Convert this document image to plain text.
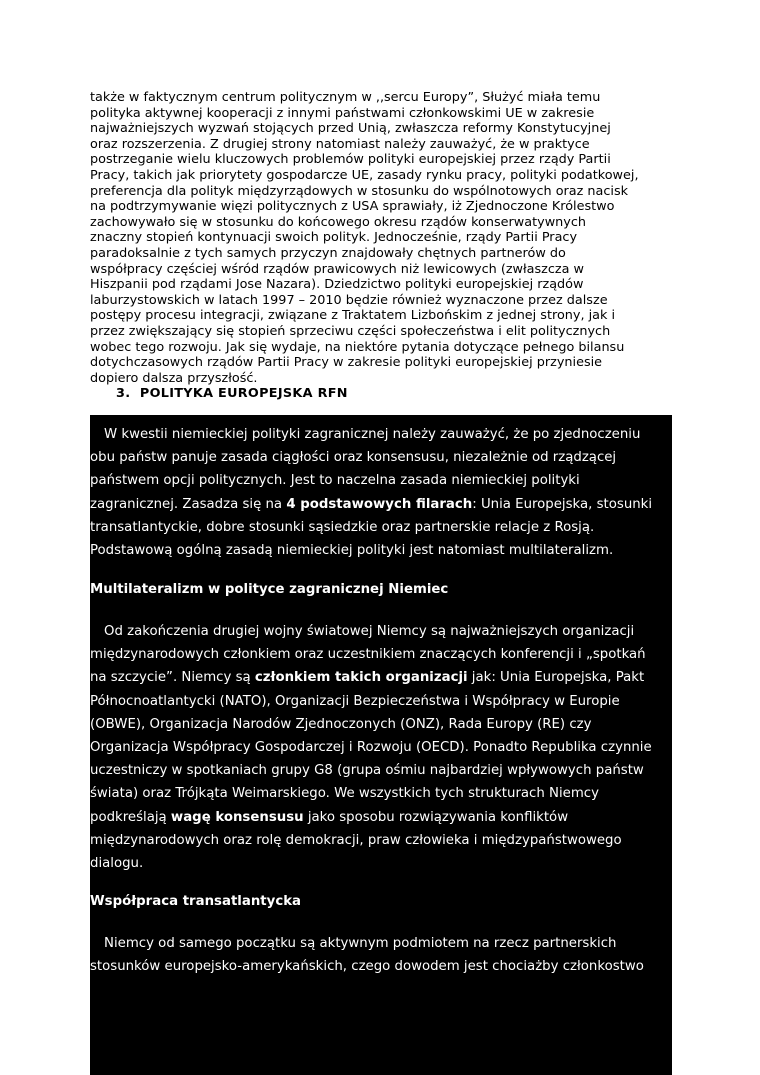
także w faktycznym centrum politycznym w ,,sercu Europy”, Służyć miała temu

polityka aktywnej kooperacji z innymi państwami członkowskimi UE w zakresie

najważniejszych wyzwań stojących przed Unią, zwłaszcza reformy Konstytucyjnej

oraz rozszerzenia. Z drugiej strony natomiast należy zauważyć, że w praktyce

postrzeganie wielu kluczowych problemów polityki europejskiej przez rządy Partii

Pracy, takich jak priorytety gospodarcze UE, zasady rynku pracy, polityki podatkowej,

preferencja dla polityk międzyrządowych w stosunku do wspólnotowych oraz nacisk

na podtrzymywanie więzi politycznych z USA sprawiały, iż Zjednoczone Królestwo

zachowywało się w stosunku do końcowego okresu rządów konserwatywnych

znaczny stopień kontynuacji swoich polityk. Jednocześnie, rządy Partii Pracy

paradoksalnie z tych samych przyczyn znajdowały chętnych partnerów do

współpracy częściej wśród rządów prawicowych niż lewicowych (zwłaszcza w

Hiszpanii pod rządami Jose Nazara). Dziedzictwo polityki europejskiej rządów

laburzystowskich w latach 1997 – 2010 będzie również wyznaczone przez dalsze

postępy procesu integracji, związane z Traktatem Lizbońskim z jednej strony, jak i

przez zwiększający się stopień sprzeciwu części społeczeństwa i elit politycznych

wobec tego rozwoju. Jak się wydaje, na niektóre pytania dotyczące pełnego bilansu

dotychczasowych rządów Partii Pracy w zakresie polityki europejskiej przyniesie

dopiero dalsza przyszłość.

3. POLITYKA EUROPEJSKA RFN

W kwestii niemieckiej polityki zagranicznej należy zauważyć, że po zjednoczeniu

obu państw panuje zasada ciągłości oraz konsensusu, niezależnie od rządzącej

państwem opcji politycznych. Jest to naczelna zasada niemieckiej polityki

zagranicznej. Zasadza się na 4 podstawowych filarach: Unia Europejska, stosunki

transatlantyckie, dobre stosunki sąsiedzkie oraz partnerskie relacje z Rosją.

Podstawową ogólną zasadą niemieckiej polityki jest natomiast multilateralizm.

Multilateralizm w polityce zagranicznej Niemiec

Od zakończenia drugiej wojny światowej Niemcy są najważniejszych organizacji

międzynarodowych członkiem oraz uczestnikiem znaczących konferencji i „spotkań

na szczycie”. Niemcy są członkiem takich organizacji jak: Unia Europejska, Pakt

Północnoatlantycki (NATO), Organizacji Bezpieczeństwa i Współpracy w Europie

(OBWE), Organizacja Narodów Zjednoczonych (ONZ), Rada Europy (RE) czy

Organizacja Współpracy Gospodarczej i Rozwoju (OECD). Ponadto Republika czynnie

uczestniczy w spotkaniach grupy G8 (grupa ośmiu najbardziej wpływowych państw

świata) oraz Trójkąta Weimarskiego. We wszystkich tych strukturach Niemcy

podkreślają wagę konsensusu jako sposobu rozwiązywania konfliktów

międzynarodowych oraz rolę demokracji, praw człowieka i międzypaństwowego

dialogu.

Współpraca transatlantycka

Niemcy od samego początku są aktywnym podmiotem na rzecz partnerskich

stosunków europejsko-amerykańskich, czego dowodem jest chociażby członkostwo
